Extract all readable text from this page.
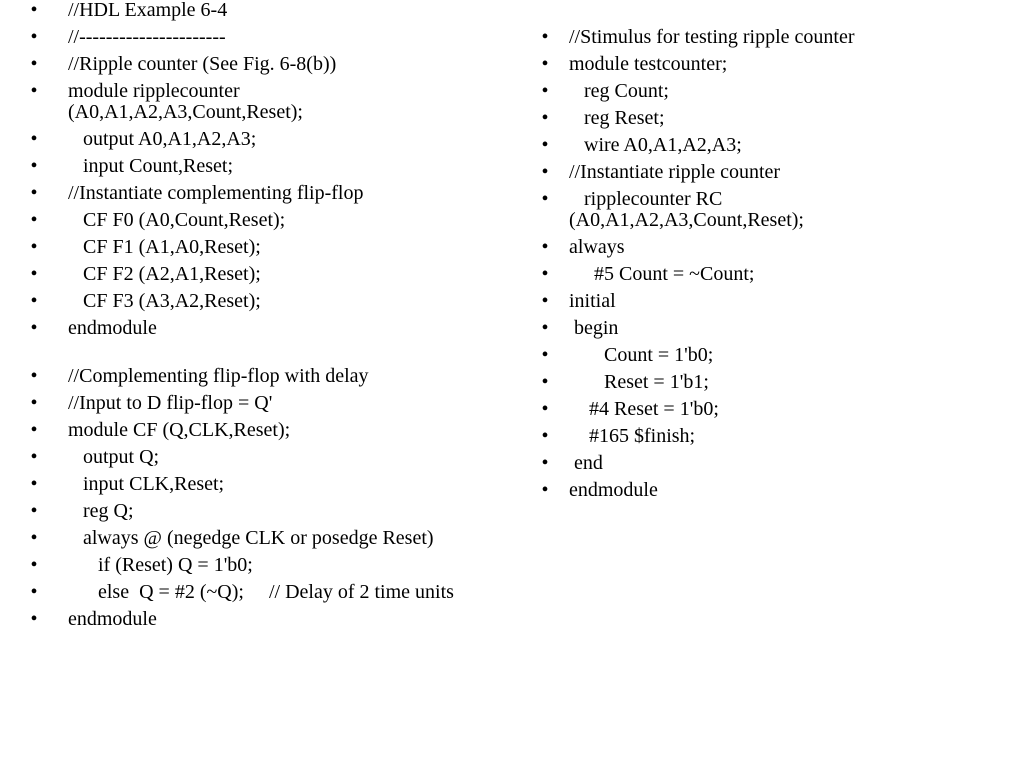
• //HDL Example 6-4
• //----------------------
• //Ripple counter (See Fig. 6-8(b))
• module ripplecounter
(A0,A1,A2,A3,Count,Reset);
• output A0,A1,A2,A3;
• input Count,Reset;
• //Instantiate complementing flip-flop
• CF F0 (A0,Count,Reset);
• CF F1 (A1,A0,Reset);
• CF F2 (A2,A1,Reset);
• CF F3 (A3,A2,Reset);
• endmodule
• //Complementing flip-flop with delay
• //Input to D flip-flop = Q'
• module CF (Q,CLK,Reset);
• output Q;
• input CLK,Reset;
• reg Q;
• always @ (negedge CLK or posedge Reset)
• if (Reset) Q = 1'b0;
• else  Q = #2 (~Q);     // Delay of 2 time units
• endmodule
• //Stimulus for testing ripple counter
• module testcounter;
• reg Count;
• reg Reset;
• wire A0,A1,A2,A3;
• //Instantiate ripple counter
• ripplecounter RC
(A0,A1,A2,A3,Count,Reset);
• always
• #5 Count = ~Count;
• initial
• begin
• Count = 1'b0;
• Reset = 1'b1;
• #4 Reset = 1'b0;
• #165 $finish;
• end
• endmodule
